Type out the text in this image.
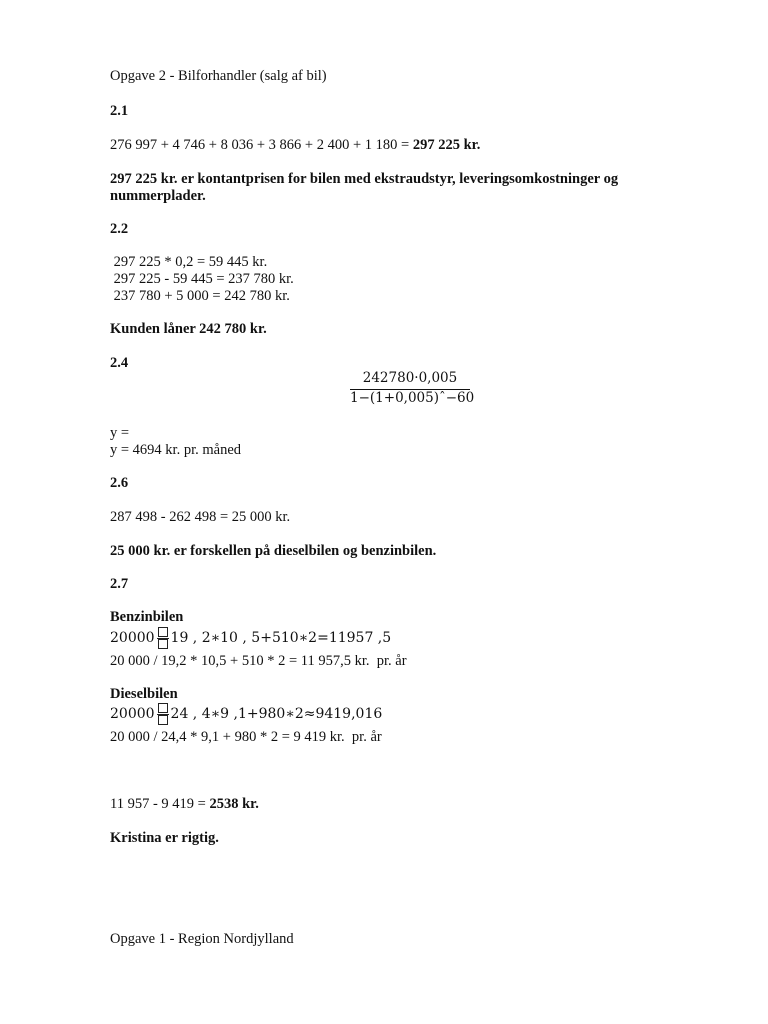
Opgave 2 - Bilforhandler (salg af bil)
2.1
276 997 + 4 746 + 8 036 + 3 866 + 2 400 + 1 180 = 297 225 kr.
297 225 kr. er kontantprisen for bilen med ekstraudstyr, leveringsomkostninger og
nummerplader.
2.2
297 225 * 0,2 = 59 445 kr.
297 225 - 59 445 = 237 780 kr.
237 780 + 5 000 = 242 780 kr.
Kunden låner 242 780 kr.
2.4
242780·0,005
1−(1+0,005)ˆ−60
y =
y = 4694 kr. pr. måned
2.6
287 498 - 262 498 = 25 000 kr.
25 000 kr. er forskellen på dieselbilen og benzinbilen.
2.7
Benzinbilen
20000 19 , 2∗10 , 5+510∗2=11957 ,5
20 000 / 19,2 * 10,5 + 510 * 2 = 11 957,5 kr.  pr. år
Dieselbilen
20000 24 , 4∗9 ,1+980∗2≈9419,016
20 000 / 24,4 * 9,1 + 980 * 2 = 9 419 kr.  pr. år
11 957 - 9 419 = 2538 kr.
Kristina er rigtig.
Opgave 1 - Region Nordjylland
